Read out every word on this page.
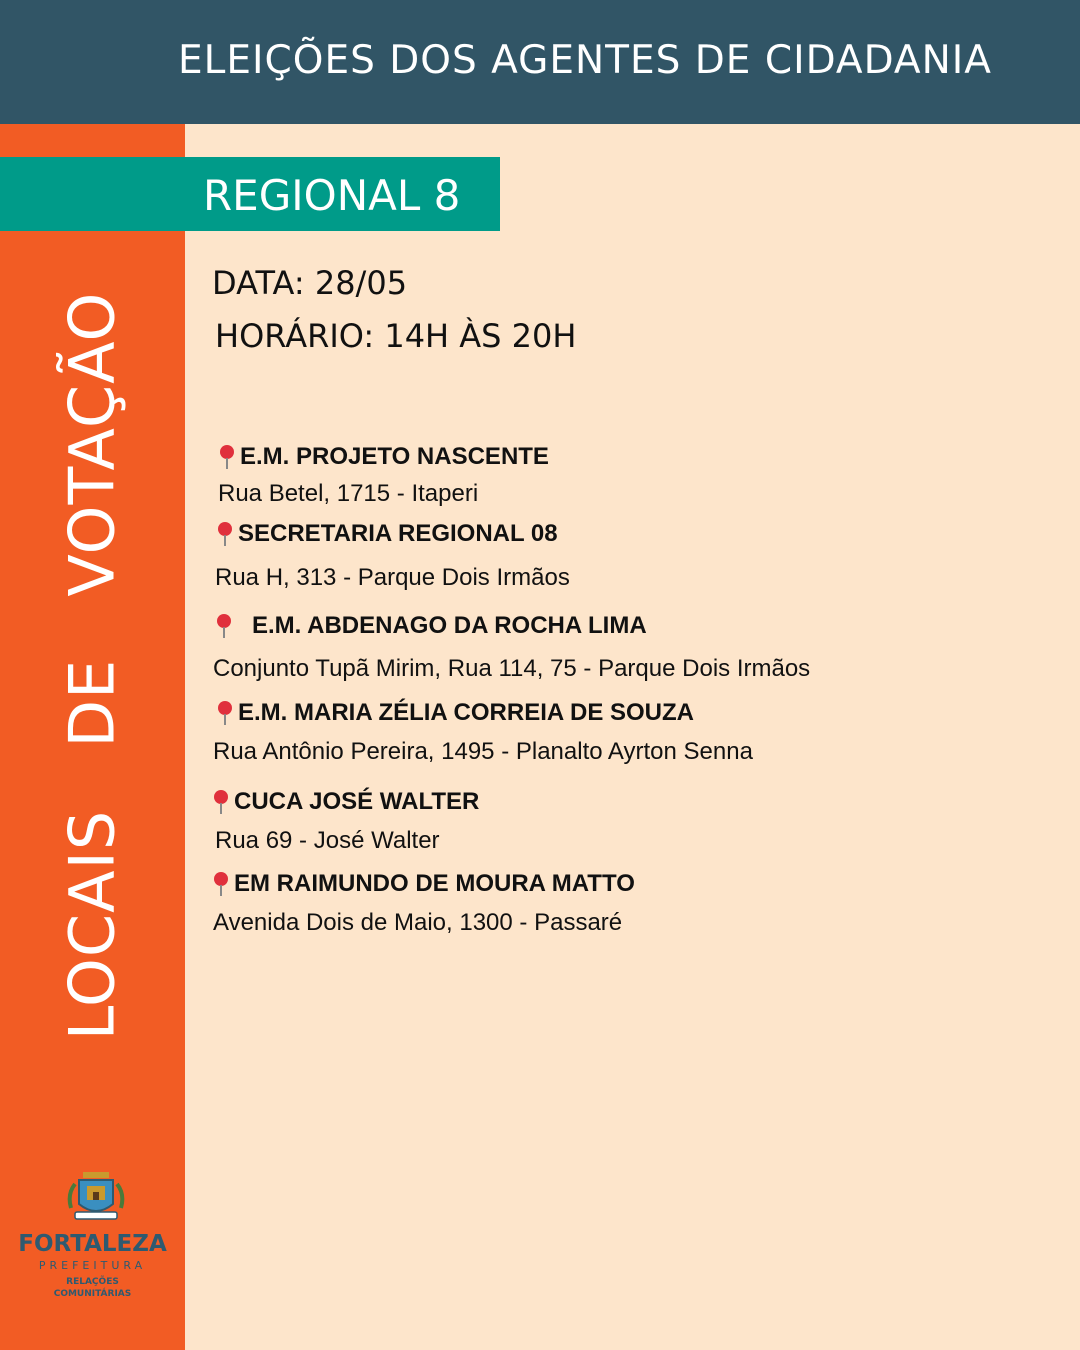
ELEIÇÕES DOS AGENTES DE CIDADANIA
LOCAIS   DE   VOTAÇÃO
REGIONAL 8
DATA: 28/05
HORÁRIO: 14H ÀS 20H
E.M. PROJETO NASCENTE
Rua Betel, 1715 - Itaperi
SECRETARIA REGIONAL 08
Rua H, 313 - Parque Dois Irmãos
E.M. ABDENAGO DA ROCHA LIMA
Conjunto Tupã Mirim, Rua 114, 75 - Parque Dois Irmãos
E.M. MARIA ZÉLIA CORREIA DE SOUZA
Rua Antônio Pereira, 1495 - Planalto Ayrton Senna
CUCA JOSÉ WALTER
Rua 69 - José Walter
EM RAIMUNDO DE MOURA MATTO
Avenida Dois de Maio, 1300 - Passaré
FORTALEZA
PREFEITURA
RELAÇÕES COMUNITÁRIAS
